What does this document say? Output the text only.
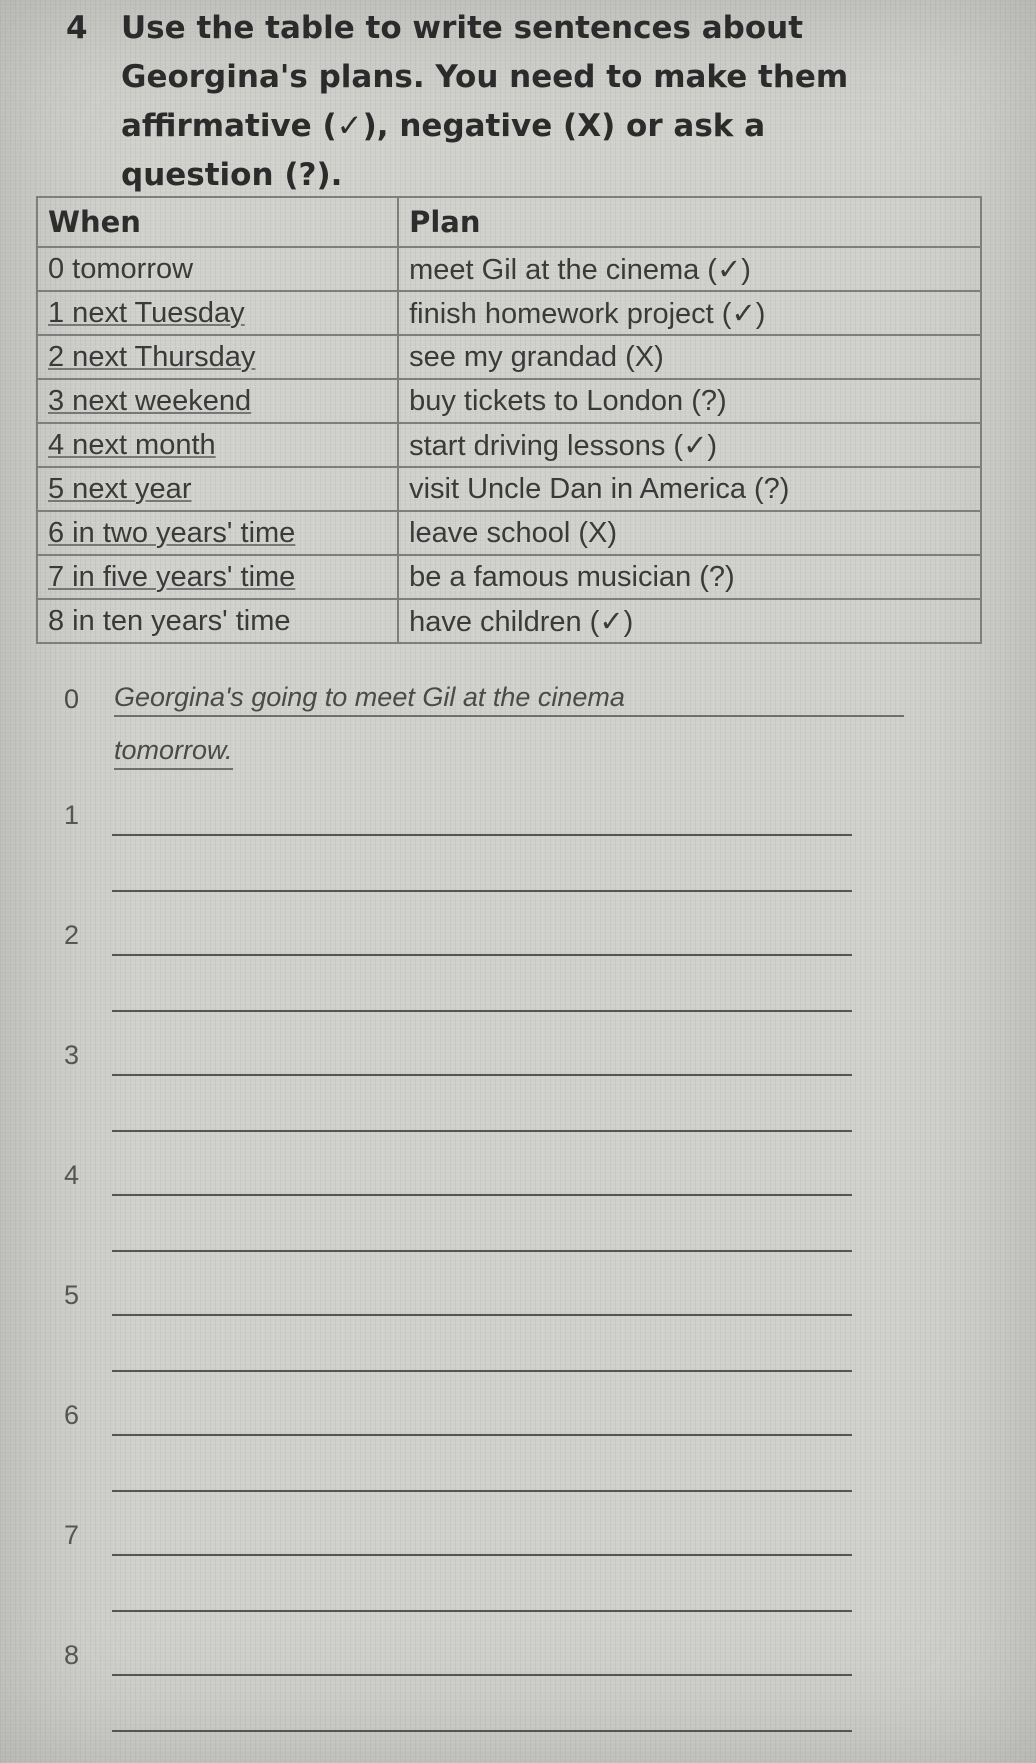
4	Use the table to write sentences about Georgina's plans. You need to make them affirmative (✓), negative (X) or ask a question (?).
When	Plan
0 tomorrow	meet Gil at the cinema (✓)
1 next Tuesday	finish homework project (✓)
2 next Thursday	see my grandad (X)
3 next weekend	buy tickets to London (?)
4 next month	start driving lessons (✓)
5 next year	visit Uncle Dan in America (?)
6 in two years' time	leave school (X)
7 in five years' time	be a famous musician (?)
8 in ten years' time	have children (✓)
0 Georgina's going to meet Gil at the cinema
tomorrow.
1
2
3
4
5
6
7
8
